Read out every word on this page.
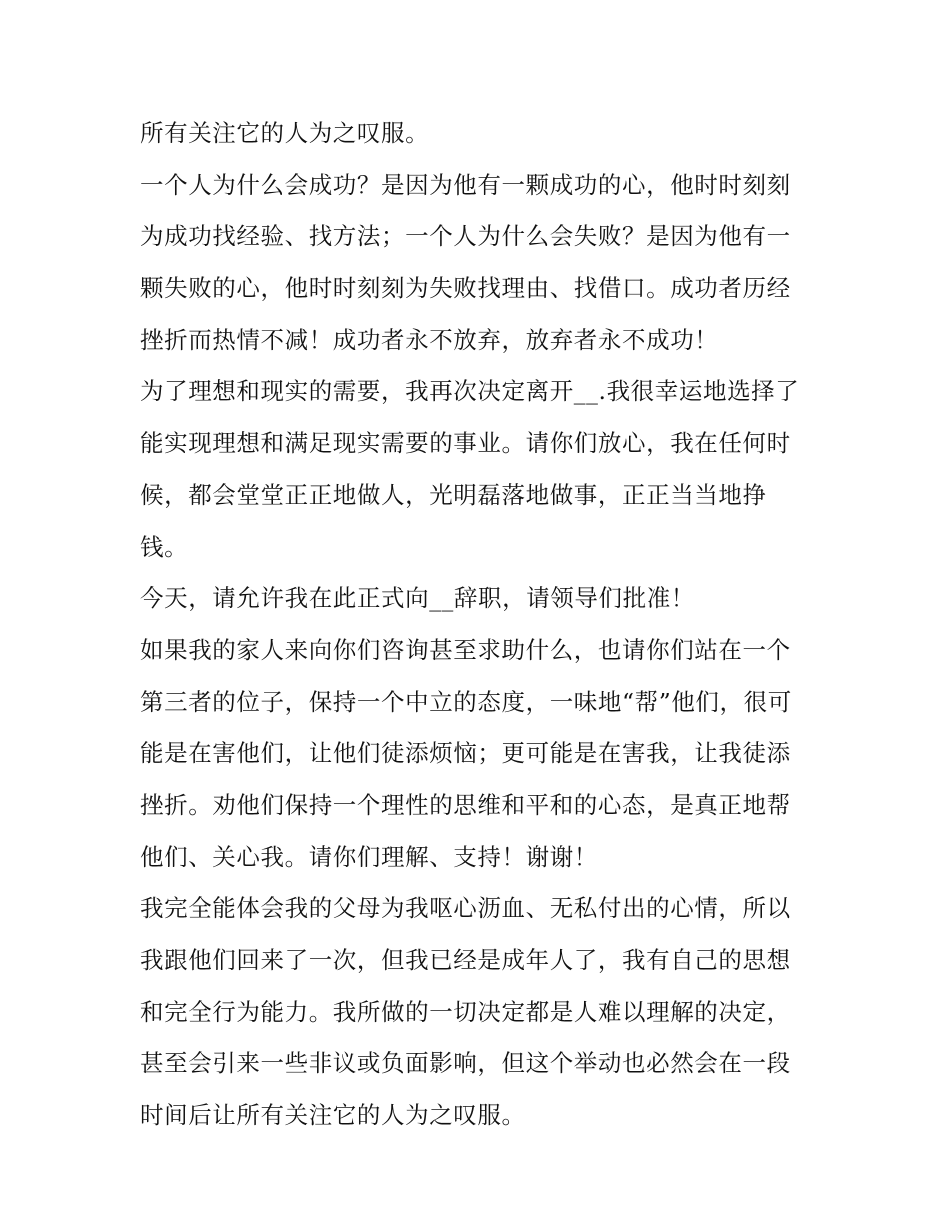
所有关注它的人为之叹服。
一个人为什么会成功？是因为他有一颗成功的心，他时时刻刻
为成功找经验、找方法；一个人为什么会失败？是因为他有一
颗失败的心，他时时刻刻为失败找理由、找借口。成功者历经
挫折而热情不减！成功者永不放弃，放弃者永不成功！
为了理想和现实的需要，我再次决定离开__.我很幸运地选择了
能实现理想和满足现实需要的事业。请你们放心，我在任何时
候，都会堂堂正正地做人，光明磊落地做事，正正当当地挣
钱。
今天，请允许我在此正式向__辞职，请领导们批准！
如果我的家人来向你们咨询甚至求助什么，也请你们站在一个
第三者的位子，保持一个中立的态度，一味地“帮”他们，很可
能是在害他们，让他们徒添烦恼；更可能是在害我，让我徒添
挫折。劝他们保持一个理性的思维和平和的心态，是真正地帮
他们、关心我。请你们理解、支持！谢谢！
我完全能体会我的父母为我呕心沥血、无私付出的心情，所以
我跟他们回来了一次，但我已经是成年人了，我有自己的思想
和完全行为能力。我所做的一切决定都是人难以理解的决定，
甚至会引来一些非议或负面影响，但这个举动也必然会在一段
时间后让所有关注它的人为之叹服。
